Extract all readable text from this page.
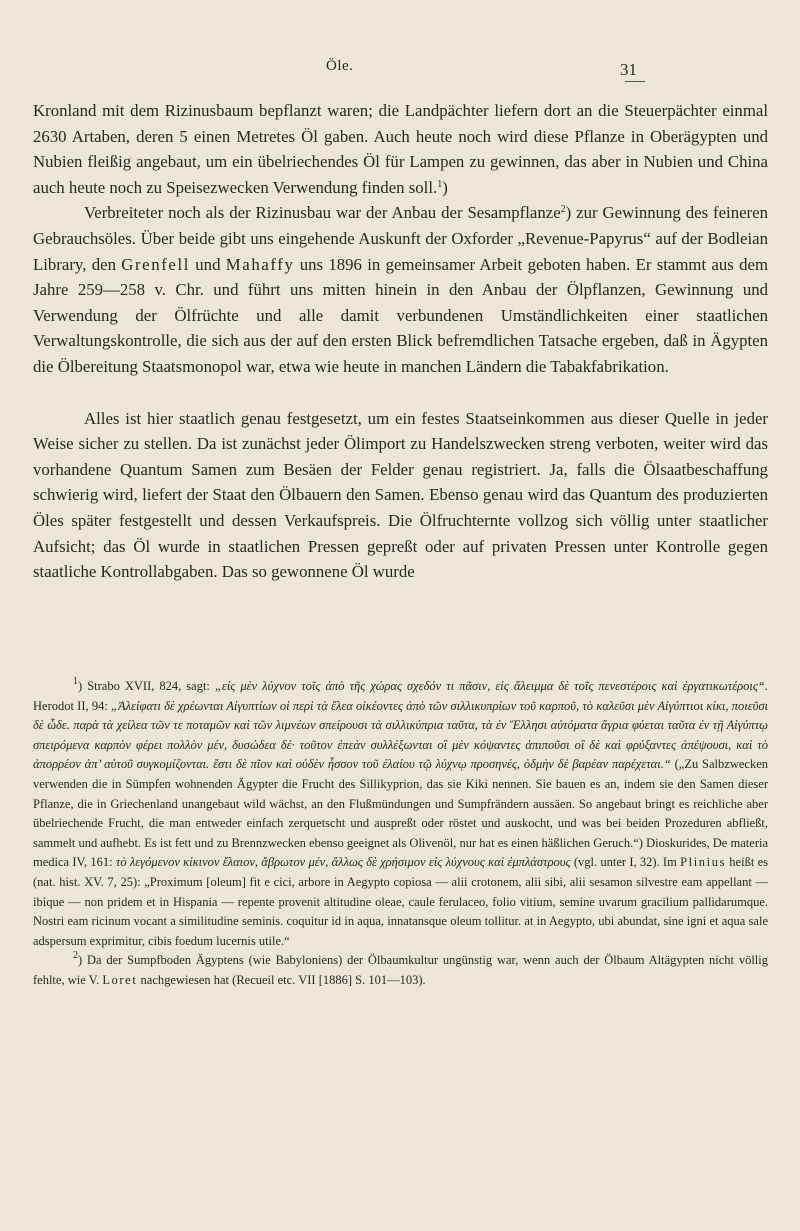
Öle.	31

Kronland mit dem Rizinusbaum bepflanzt waren; die Landpächter liefern dort an die Steuerpächter einmal 2630 Artaben, deren 5 einen Metretes Öl gaben. Auch heute noch wird diese Pflanze in Oberägypten und Nubien fleißig angebaut, um ein übelriechendes Öl für Lampen zu gewinnen, das aber in Nubien und China auch heute noch zu Speisezwecken Verwendung finden soll.$^1$)

Verbreiteter noch als der Rizinusbau war der Anbau der Sesampflanze$^2$) zur Gewinnung des feineren Gebrauchsöles. Über beide gibt uns eingehende Auskunft der Oxforder „Revenue-Papyrus“ auf der Bodleian Library, den Grenfell und Mahaffy uns 1896 in gemeinsamer Arbeit geboten haben. Er stammt aus dem Jahre 259—258 v. Chr. und führt uns mitten hinein in den Anbau der Ölpflanzen, Gewinnung und Verwendung der Ölfrüchte und alle damit verbundenen Umständlichkeiten einer staatlichen Verwaltungskontrolle, die sich aus der auf den ersten Blick befremdlichen Tatsache ergeben, daß in Ägypten die Ölbereitung Staatsmonopol war, etwa wie heute in manchen Ländern die Tabakfabrikation.

Alles ist hier staatlich genau festgesetzt, um ein festes Staatseinkommen aus dieser Quelle in jeder Weise sicher zu stellen. Da ist zunächst jeder Ölimport zu Handelszwecken streng verboten, weiter wird das vorhandene Quantum Samen zum Besäen der Felder genau registriert. Ja, falls die Ölsaatbeschaffung schwierig wird, liefert der Staat den Ölbauern den Samen. Ebenso genau wird das Quantum des produzierten Öles später festgestellt und dessen Verkaufspreis. Die Ölfruchternte vollzog sich völlig unter staatlicher Aufsicht; das Öl wurde in staatlichen Pressen gepreßt oder auf privaten Pressen unter Kontrolle gegen staatliche Kontrollabgaben. Das so gewonnene Öl wurde

$^1$) Strabo XVII, 824, sagt: „εἰς μὲν λύχνον τοῖς ἀπὸ τῆς χώρας σχεδόν τι πᾶσιν, εἰς ἄλειμμα δὲ τοῖς πενεστέροις καὶ ἐργατικωτέροις“. Herodot II, 94: „Ἀλείφατι δὲ χρέωνται Αἰγυπτίων οἱ περὶ τὰ ἕλεα οἰκέοντες ἀπὸ τῶν σιλλικυπρίων τοῦ καρποῦ, τὸ καλεῦσι μὲν Αἰγύπτιοι κίκι, ποιεῦσι δὲ ὧδε. παρὰ τὰ χείλεα τῶν τε ποταμῶν καὶ τῶν λιμνέων σπείρουσι τὰ σιλλικύπρια ταῦτα, τὰ ἐν Ἕλλησι αὐτόματα ἄγρια φύεται ταῦτα ἐν τῇ Αἰγύπτῳ σπειρόμενα καρπὸν φέρει πολλὸν μέν, δυσώδεα δέ· τοῦτον ἐπεὰν συλλέξωνται οἳ μὲν κόψαντες ἀπιποῦσι οἳ δὲ καὶ φρύξαντες ἀπέψουσι, καὶ τὸ ἀπορρέον ἀπ’ αὐτοῦ συγκομίζονται. ἔστι δὲ πῖον καὶ οὐδὲν ἧσσον τοῦ ἐλαίου τῷ λύχνῳ προσηνές, ὀδμὴν δὲ βαρέαν παρέχεται.“ („Zu Salbzwecken verwenden die in Sümpfen wohnenden Ägypter die Frucht des Sillikyprion, das sie Kiki nennen. Sie bauen es an, indem sie den Samen dieser Pflanze, die in Griechenland unangebaut wild wächst, an den Flußmündungen und Sumpfrändern aussäen. So angebaut bringt es reichliche aber übelriechende Frucht, die man entweder einfach zerquetscht und auspreßt oder röstet und auskocht, und was bei beiden Prozeduren abfließt, sammelt und aufhebt. Es ist fett und zu Brennzwecken ebenso geeignet als Olivenöl, nur hat es einen häßlichen Geruch.“) Dioskurides, De materia medica IV, 161: τὸ λεγόμενον κίκινον ἔλαιον, ἄβρωτον μέν, ἄλλως δὲ χρήσιμον εἰς λύχνους καὶ ἐμπλάστρους (vgl. unter I, 32). Im Plinius heißt es (nat. hist. XV. 7, 25): „Proximum [oleum] fit e cici, arbore in Aegypto copiosa — alii crotonem, alii sibi, alii sesamon silvestre eam appellant — ibique — non pridem et in Hispania — repente provenit altitudine oleae, caule ferulaceo, folio vitium, semine uvarum gracilium pallidarumque. Nostri eam ricinum vocant a similitudine seminis. coquitur id in aqua, innatansque oleum tollitur. at in Aegypto, ubi abundat, sine igni et aqua sale adspersum exprimitur, cibis foedum lucernis utile.“

$^2$) Da der Sumpfboden Ägyptens (wie Babyloniens) der Ölbaumkultur ungünstig war, wenn auch der Ölbaum Altägypten nicht völlig fehlte, wie V. Loret nachgewiesen hat (Recueil etc. VII [1886] S. 101—103).
